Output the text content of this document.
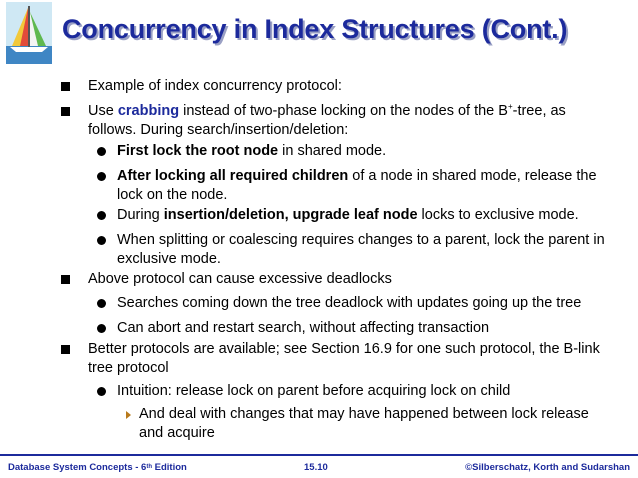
Concurrency in Index Structures (Cont.)
Example of index concurrency protocol:
Use crabbing instead of two-phase locking on the nodes of the B+-tree, as follows. During search/insertion/deletion:
First lock the root node in shared mode.
After locking all required children of a node in shared mode, release the lock on the node.
During insertion/deletion, upgrade leaf node locks to exclusive mode.
When splitting or coalescing requires changes to a parent, lock the parent in exclusive mode.
Above protocol can cause excessive deadlocks
Searches coming down the tree deadlock with updates going up the tree
Can abort and restart search, without affecting transaction
Better protocols are available; see Section 16.9 for one such protocol, the B-link tree protocol
Intuition: release lock on parent before acquiring lock on child
And deal with changes that may have happened between lock release and acquire
Database System Concepts - 6th Edition	15.10	©Silberschatz, Korth and Sudarshan
